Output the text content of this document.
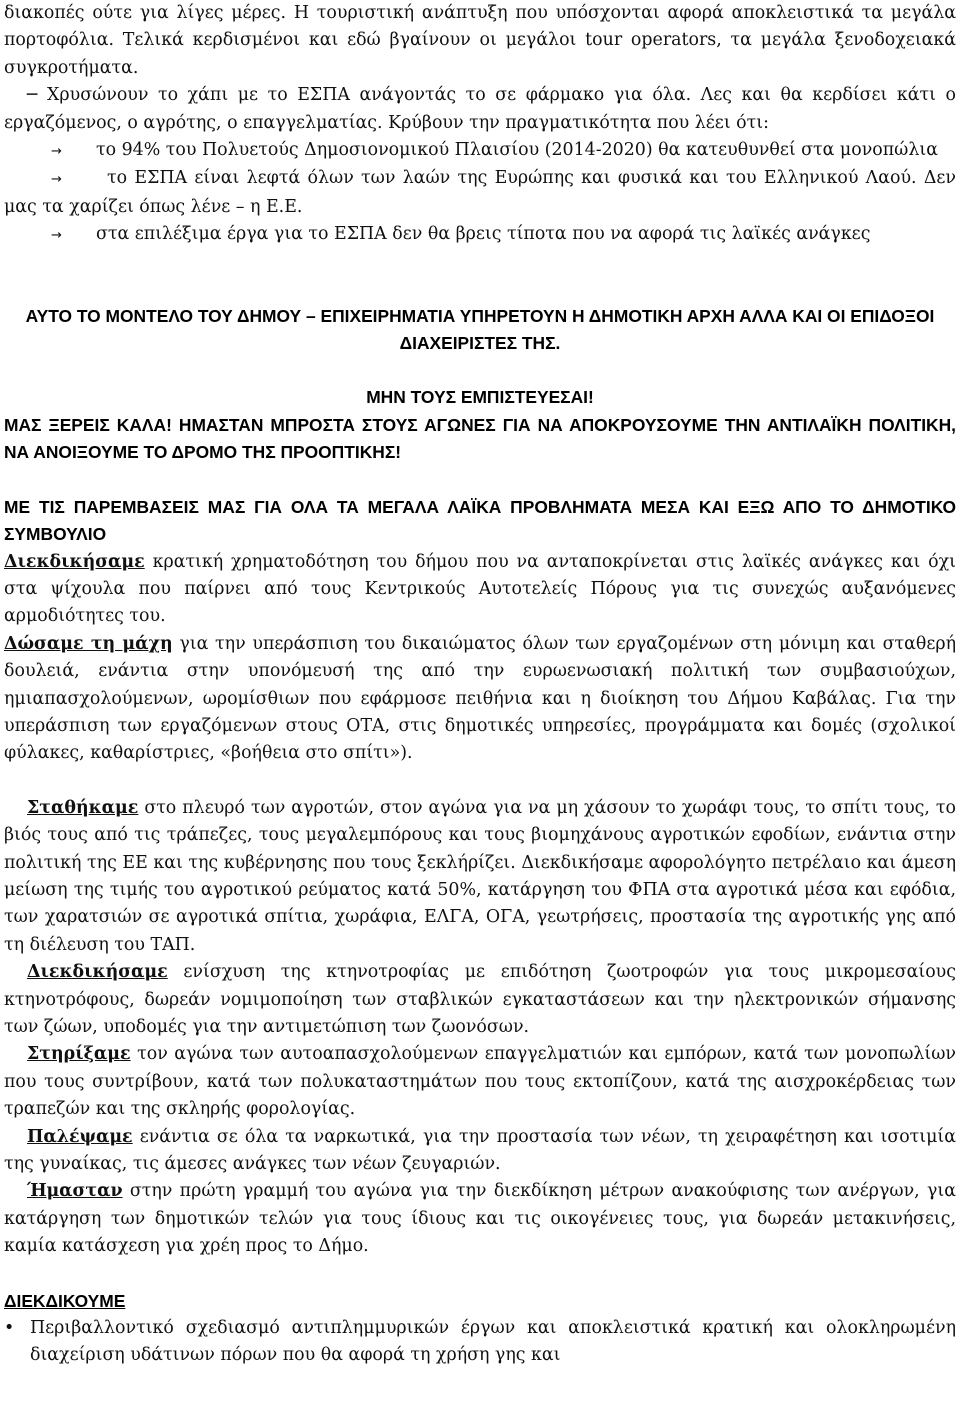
διακοπές ούτε για λίγες μέρες. Η τουριστική ανάπτυξη που υπόσχονται αφορά αποκλειστικά τα μεγάλα πορτοφόλια. Τελικά κερδισμένοι και εδώ βγαίνουν οι μεγάλοι tour operators, τα μεγάλα ξενοδοχειακά συγκροτήματα.

─ Χρυσώνουν το χάπι με το ΕΣΠΑ ανάγοντάς το σε φάρμακο για όλα. Λες και θα κερδίσει κάτι ο εργαζόμενος, ο αγρότης, ο επαγγελματίας. Κρύβουν την πραγματικότητα που λέει ότι:

→ το 94% του Πολυετούς Δημοσιονομικού Πλαισίου (2014-2020) θα κατευθυνθεί στα μονοπώλια

→	το ΕΣΠΑ είναι λεφτά όλων των λαών της Ευρώπης και φυσικά και του Ελληνικού Λαού. Δεν μας τα χαρίζει όπως λένε – η Ε.Ε.

→ στα επιλέξιμα έργα για το ΕΣΠΑ δεν θα βρεις τίποτα που να αφορά τις λαϊκές ανάγκες

ΑΥΤΟ ΤΟ ΜΟΝΤΕΛΟ ΤΟΥ ΔΗΜΟΥ – ΕΠΙΧΕΙΡΗΜΑΤΙΑ ΥΠΗΡΕΤΟΥΝ Η ΔΗΜΟΤΙΚΗ ΑΡΧΗ ΑΛΛΑ ΚΑΙ ΟΙ ΕΠΙΔΟΞΟΙ ΔΙΑΧΕΙΡΙΣΤΕΣ ΤΗΣ.

ΜΗΝ ΤΟΥΣ ΕΜΠΙΣΤΕΥΕΣΑΙ!

ΜΑΣ ΞΕΡΕΙΣ ΚΑΛΑ! ΗΜΑΣΤΑΝ ΜΠΡΟΣΤΑ ΣΤΟΥΣ ΑΓΩΝΕΣ ΓΙΑ ΝΑ ΑΠΟΚΡΟΥΣΟΥΜΕ ΤΗΝ ΑΝΤΙΛΑΪΚΗ ΠΟΛΙΤΙΚΗ, ΝΑ ΑΝΟΙΞΟΥΜΕ ΤΟ ΔΡΟΜΟ ΤΗΣ ΠΡΟΟΠΤΙΚΗΣ!

ΜΕ ΤΙΣ ΠΑΡΕΜΒΑΣΕΙΣ ΜΑΣ ΓΙΑ ΟΛΑ ΤΑ ΜΕΓΑΛΑ ΛΑΪΚΑ ΠΡΟΒΛΗΜΑΤΑ ΜΕΣΑ ΚΑΙ ΕΞΩ ΑΠΟ ΤΟ ΔΗΜΟΤΙΚΟ ΣΥΜΒΟΥΛΙΟ

Διεκδικήσαμε κρατική χρηματοδότηση του δήμου που να ανταποκρίνεται στις λαϊκές ανάγκες και όχι στα ψίχουλα που παίρνει από τους Κεντρικούς Αυτοτελείς Πόρους για τις συνεχώς αυξανόμενες αρμοδιότητες του.

Δώσαμε τη μάχη για την υπεράσπιση του δικαιώματος όλων των εργαζομένων στη μόνιμη και σταθερή δουλειά, ενάντια στην υπονόμευσή της από την ευρωενωσιακή πολιτική των συμβασιούχων, ημιαπασχολούμενων, ωρομίσθιων που εφάρμοσε πειθήνια και η διοίκηση του Δήμου Καβάλας. Για την υπεράσπιση των εργαζόμενων στους ΟΤΑ, στις δημοτικές υπηρεσίες, προγράμματα και δομές (σχολικοί φύλακες, καθαρίστριες, «βοήθεια στο σπίτι»).

Σταθήκαμε στο πλευρό των αγροτών, στον αγώνα για να μη χάσουν το χωράφι τους, το σπίτι τους, το βιός τους από τις τράπεζες, τους μεγαλεμπόρους και τους βιομηχάνους αγροτικών εφοδίων, ενάντια στην πολιτική της ΕΕ και της κυβέρνησης που τους ξεκλήρίζει. Διεκδικήσαμε αφορολόγητο πετρέλαιο και άμεση μείωση της τιμής του αγροτικού ρεύματος κατά 50%, κατάργηση του ΦΠΑ στα αγροτικά μέσα και εφόδια, των χαρατσιών σε αγροτικά σπίτια, χωράφια, ΕΛΓΑ, ΟΓΑ, γεωτρήσεις, προστασία της αγροτικής γης από τη διέλευση του ΤΑΠ.

Διεκδικήσαμε ενίσχυση της κτηνοτροφίας με επιδότηση ζωοτροφών για τους μικρομεσαίους κτηνοτρόφους, δωρεάν νομιμοποίηση των σταβλικών εγκαταστάσεων και την ηλεκτρονικών σήμανσης των ζώων, υποδομές για την αντιμετώπιση των ζωονόσων.

Στηρίξαμε τον αγώνα των αυτοαπασχολούμενων επαγγελματιών και εμπόρων, κατά των μονοπωλίων που τους συντρίβουν, κατά των πολυκαταστημάτων που τους εκτοπίζουν, κατά της αισχροκέρδειας των τραπεζών και της σκληρής φορολογίας.

Παλέψαμε ενάντια σε όλα τα ναρκωτικά, για την προστασία των νέων, τη χειραφέτηση και ισοτιμία της γυναίκας, τις άμεσες ανάγκες των νέων ζευγαριών.

Ήμασταν στην πρώτη γραμμή του αγώνα για την διεκδίκηση μέτρων ανακούφισης των ανέργων, για κατάργηση των δημοτικών τελών για τους ίδιους και τις οικογένειες τους, για δωρεάν μετακινήσεις, καμία κατάσχεση για χρέη προς το Δήμο.

ΔΙΕΚΔΙΚΟΥΜΕ

• Περιβαλλοντικό σχεδιασμό αντιπλημμυρικών έργων και αποκλειστικά κρατική και ολοκληρωμένη διαχείριση υδάτινων πόρων που θα αφορά τη χρήση γης και
